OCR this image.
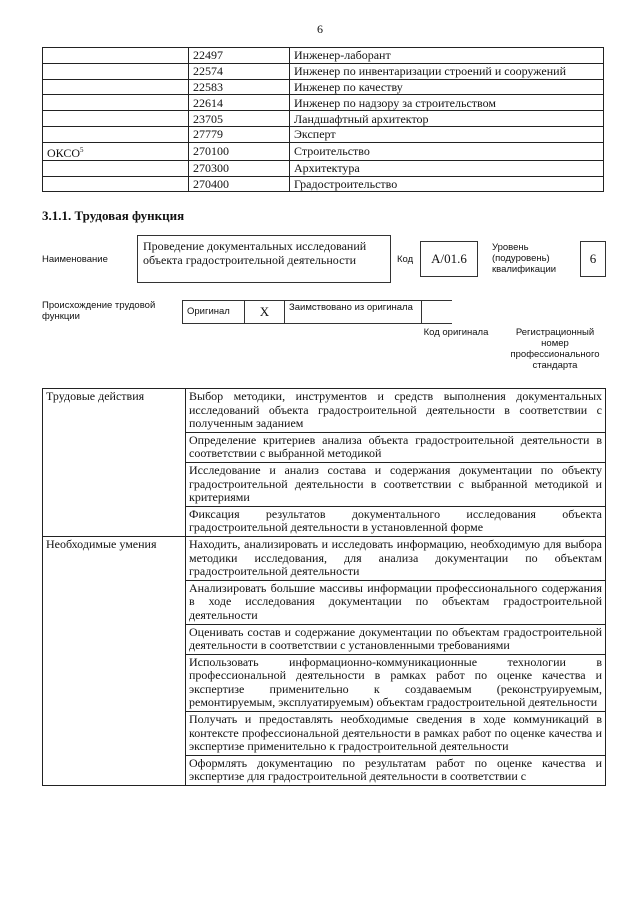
6
	22497	Инженер-лаборант
	22574	Инженер по инвентаризации строений и сооружений
	22583	Инженер по качеству
	22614	Инженер по надзору за строительством
	23705	Ландшафтный архитектор
	27779	Эксперт
ОКСО$^5$	270100	Строительство
	270300	Архитектура
	270400	Градостроительство
3.1.1. Трудовая функция
Наименование
Проведение документальных исследований объекта градостроительной деятельности	Код	A/01.6
Уровень (подуровень) квалификации
6
Происхождение трудовой функции	Оригинал	X	Заимствовано из оригинала
Код оригинала	Регистрационный номер профессионального стандарта
Трудовые действия	Выбор методики, инструментов и средств выполнения документальных исследований объекта градостроительной деятельности в соответствии с полученным заданием
	Определение критериев анализа объекта градостроительной деятельности в соответствии с выбранной методикой
	Исследование и анализ состава и содержания документации по объекту градостроительной деятельности в соответствии с выбранной методикой и критериями
	Фиксация результатов документального исследования объекта градостроительной деятельности в установленной форме
Необходимые умения	Находить, анализировать и исследовать информацию, необходимую для выбора методики исследования, для анализа документации по объектам градостроительной деятельности
	Анализировать большие массивы информации профессионального содержания в ходе исследования документации по объектам градостроительной деятельности
	Оценивать состав и содержание документации по объектам градостроительной деятельности в соответствии с установленными требованиями
	Использовать информационно-коммуникационные технологии в профессиональной деятельности в рамках работ по оценке качества и экспертизе применительно к создаваемым (реконструируемым, ремонтируемым, эксплуатируемым) объектам градостроительной деятельности
	Получать и предоставлять необходимые сведения в ходе коммуникаций в контексте профессиональной деятельности в рамках работ по оценке качества и экспертизе применительно к градостроительной деятельности
	Оформлять документацию по результатам работ по оценке качества и экспертизе для градостроительной деятельности в соответствии с
